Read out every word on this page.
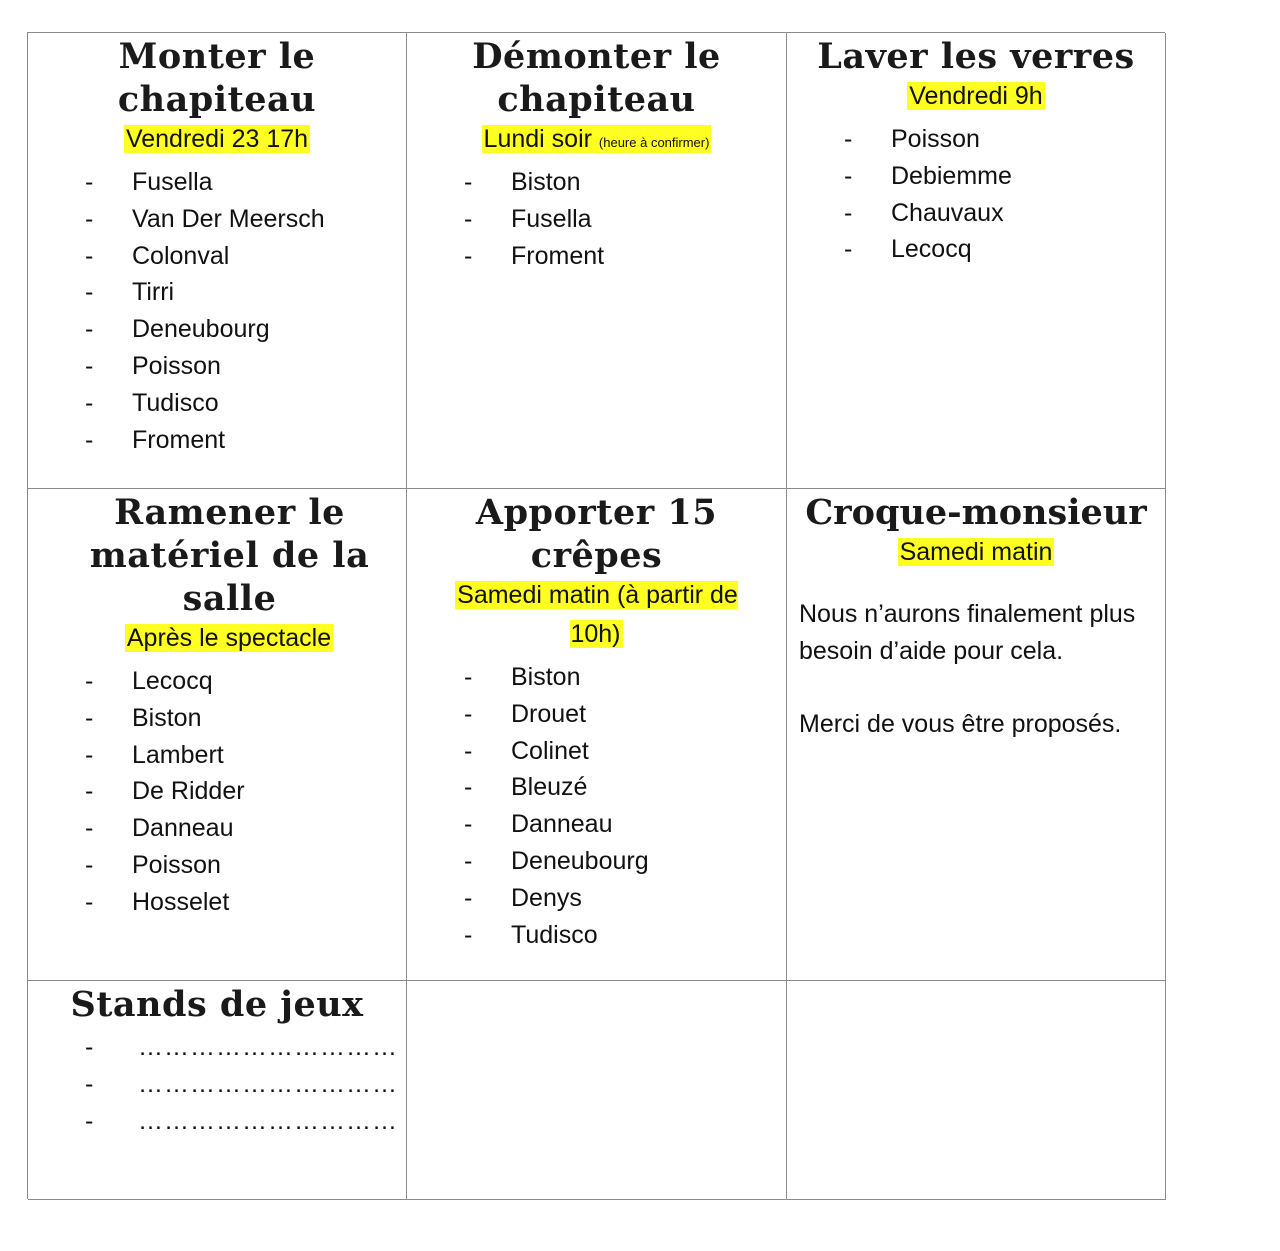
Monter le chapiteau
Vendredi 23 17h
- Fusella
- Van Der Meersch
- Colonval
- Tirri
- Deneubourg
- Poisson
- Tudisco
- Froment
Démonter le chapiteau
Lundi soir (heure à confirmer)
- Biston
- Fusella
- Froment
Laver les verres
Vendredi 9h
- Poisson
- Debiemme
- Chauvaux
- Lecocq
Ramener le matériel de la salle
Après le spectacle
- Lecocq
- Biston
- Lambert
- De Ridder
- Danneau
- Poisson
- Hosselet
Apporter 15 crêpes
Samedi matin (à partir de 10h)
- Biston
- Drouet
- Colinet
- Bleuzé
- Danneau
- Deneubourg
- Denys
- Tudisco
Croque-monsieur
Samedi matin

Nous n’aurons finalement plus besoin d’aide pour cela.

Merci de vous être proposés.

Stands de jeux
- …………………………
- …………………………
- …………………………
